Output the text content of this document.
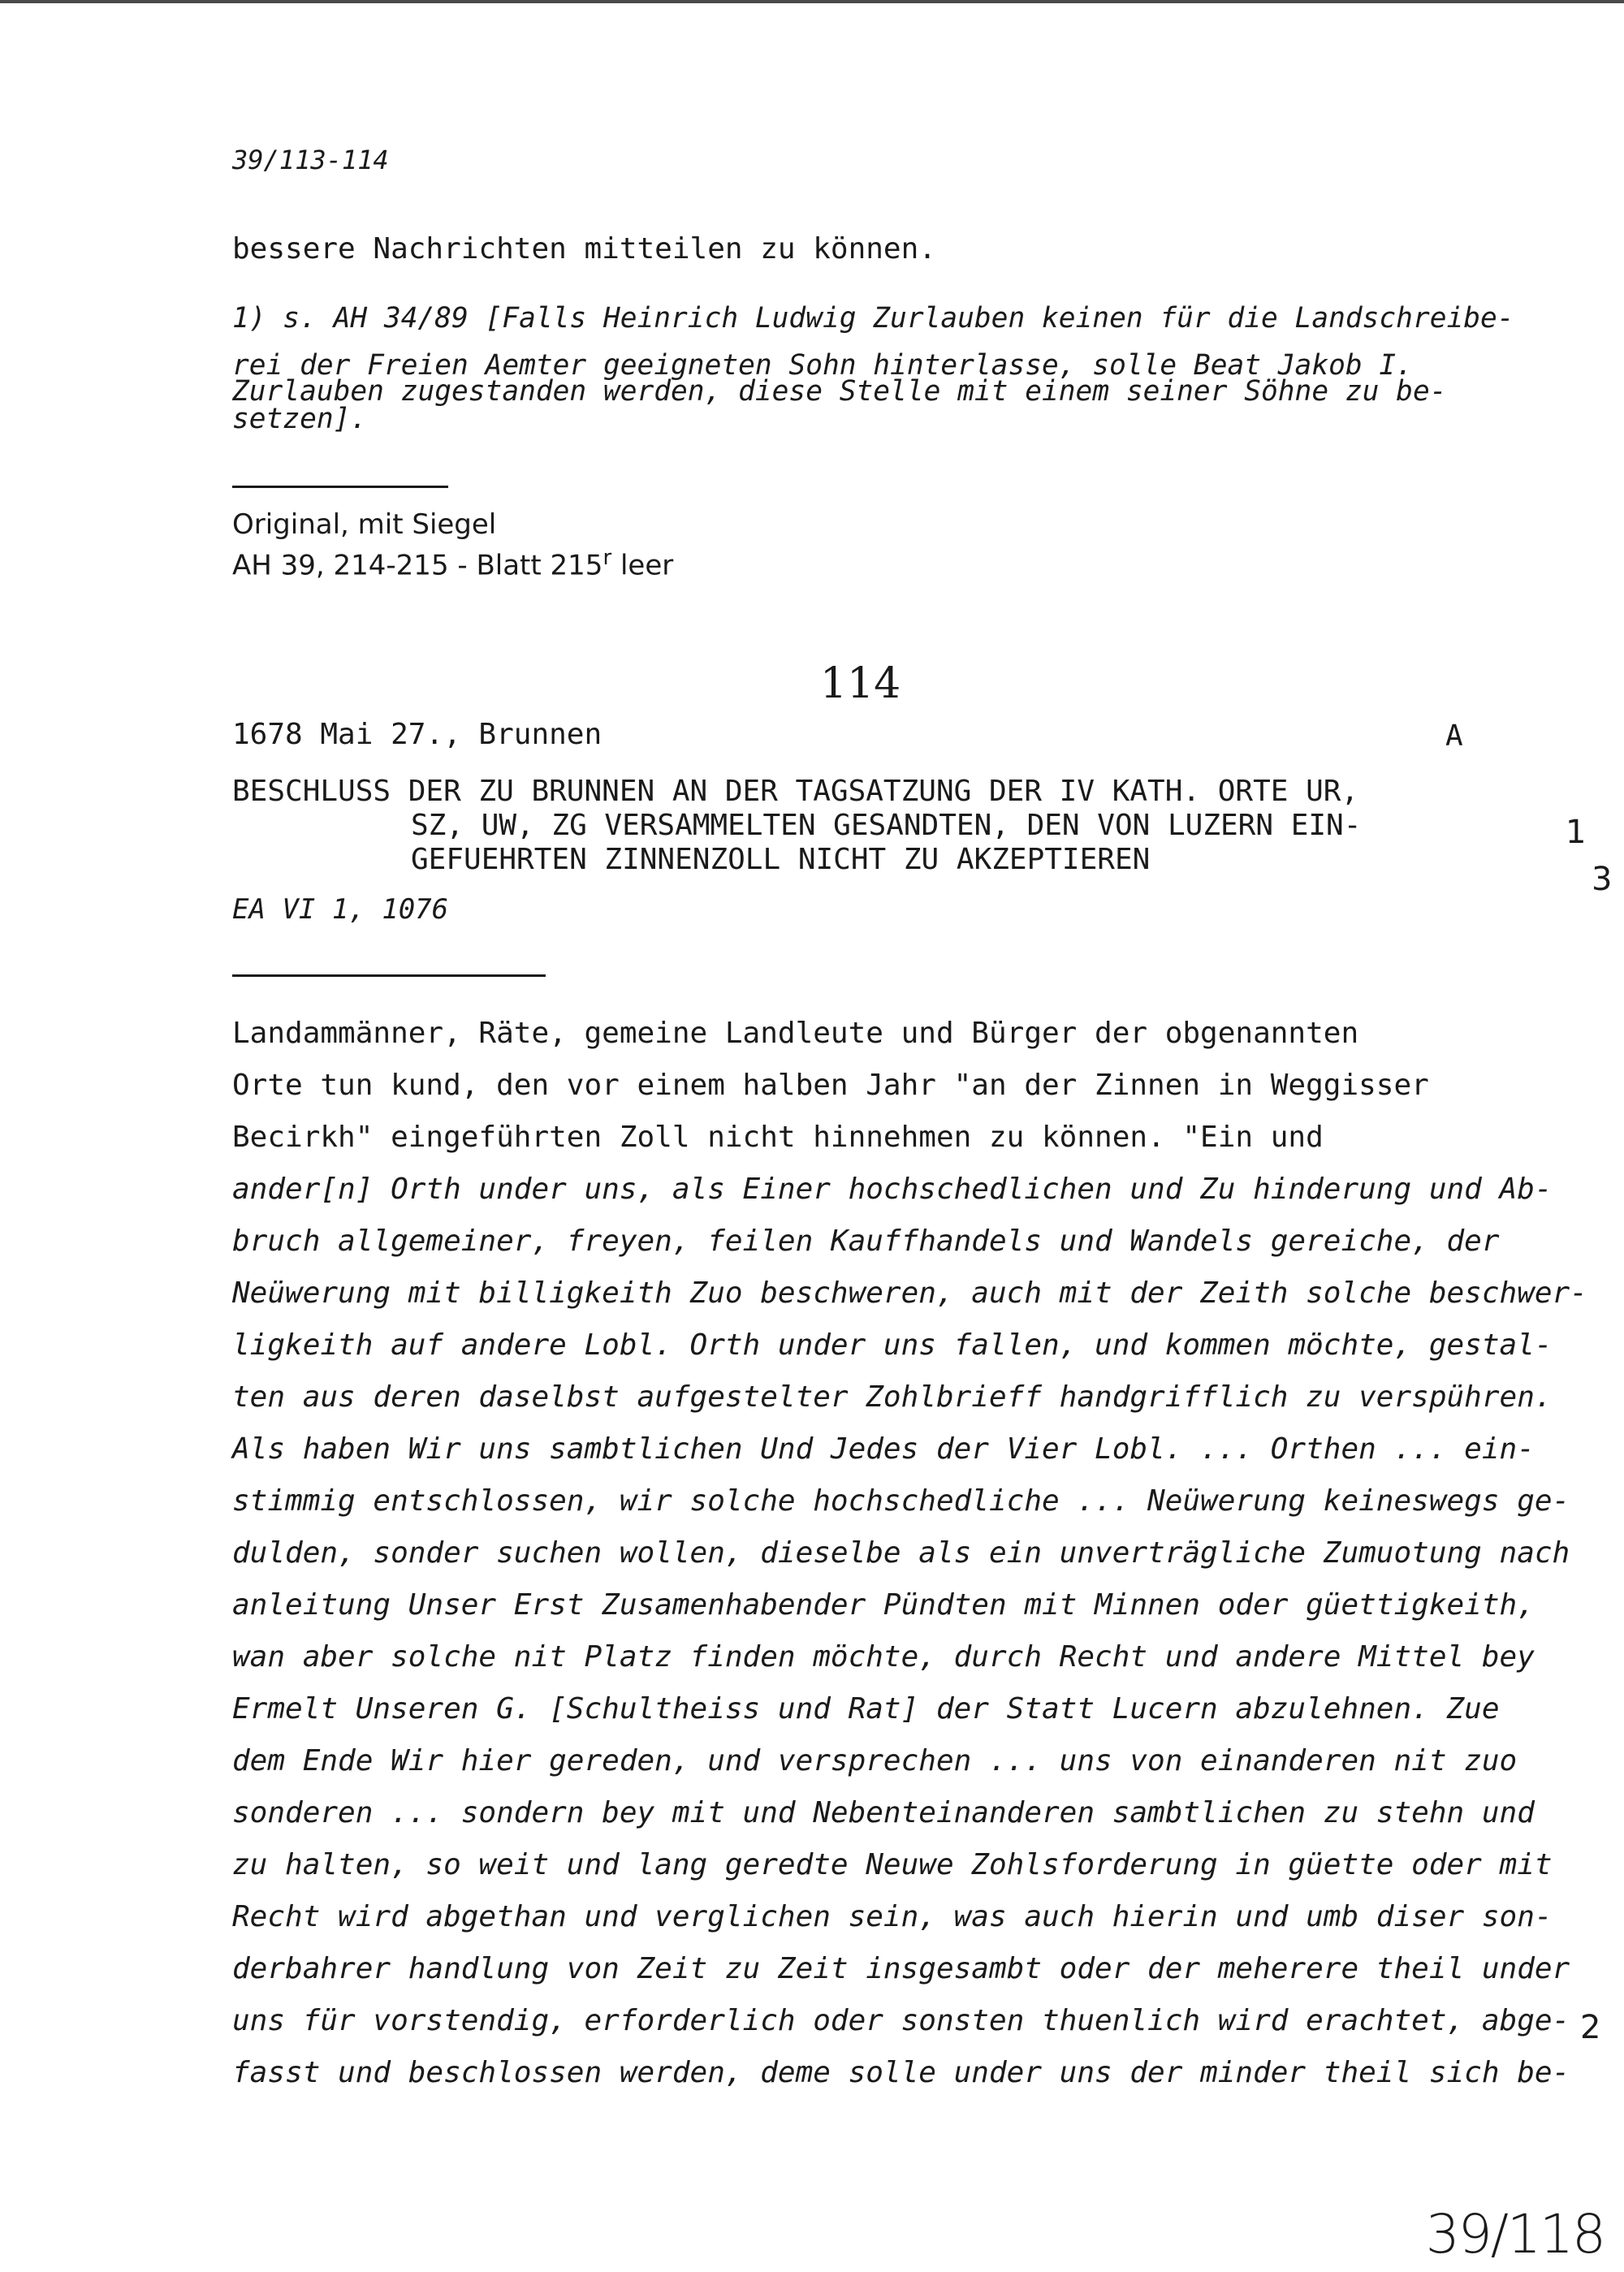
39/113-114
bessere Nachrichten mitteilen zu können.
1) s. AH 34/89 [Falls Heinrich Ludwig Zurlauben keinen für die Landschreibe-
rei der Freien Aemter geeigneten Sohn hinterlasse, solle Beat Jakob I.
Zurlauben zugestanden werden, diese Stelle mit einem seiner Söhne zu be-
setzen].
Original, mit Siegel
AH 39, 214-215 - Blatt 215$^r$ leer
114
1678 Mai 27., Brunnen	A
BESCHLUSS DER ZU BRUNNEN AN DER TAGSATZUNG DER IV KATH. ORTE UR,
SZ, UW, ZG VERSAMMELTEN GESANDTEN, DEN VON LUZERN EIN-
GEFUEHRTEN ZINNENZOLL NICHT ZU AKZEPTIEREN
EA VI 1, 1076
Landammänner, Räte, gemeine Landleute und Bürger der obgenannten
Orte tun kund, den vor einem halben Jahr "an der Zinnen in Weggisser
Becirkh" eingeführten Zoll nicht hinnehmen zu können. "Ein und
ander[n] Orth under uns, als Einer hochschedlichen und Zu hinderung und Ab-
bruch allgemeiner, freyen, feilen Kauffhandels und Wandels gereiche, der
Neüwerung mit billigkeith Zuo beschweren, auch mit der Zeith solche beschwer-
ligkeith auf andere Lobl. Orth under uns fallen, und kommen möchte, gestal-
ten aus deren daselbst aufgestelter Zohlbrieff handgrifflich zu verspühren.
Als haben Wir uns sambtlichen Und Jedes der Vier Lobl. ... Orthen ... ein-
stimmig entschlossen, wir solche hochschedliche ... Neüwerung keineswegs ge-
dulden, sonder suchen wollen, dieselbe als ein unverträgliche Zumuotung nach
anleitung Unser Erst Zusamenhabender Pündten mit Minnen oder güettigkeith,
wan aber solche nit Platz finden möchte, durch Recht und andere Mittel bey
Ermelt Unseren G. [Schultheiss und Rat] der Statt Lucern abzulehnen. Zue
dem Ende Wir hier gereden, und versprechen ... uns von einanderen nit zuo
sonderen ... sondern bey mit und Nebenteinanderen sambtlichen zu stehn und
zu halten, so weit und lang geredte Neuwe Zohlsforderung in güette oder mit
Recht wird abgethan und verglichen sein, was auch hierin und umb diser son-
derbahrer handlung von Zeit zu Zeit insgesambt oder der meherere theil under
uns für vorstendig, erforderlich oder sonsten thuenlich wird erachtet, abge-
fasst und beschlossen werden, deme solle under uns der minder theil sich be-
1
3
2
39/118
